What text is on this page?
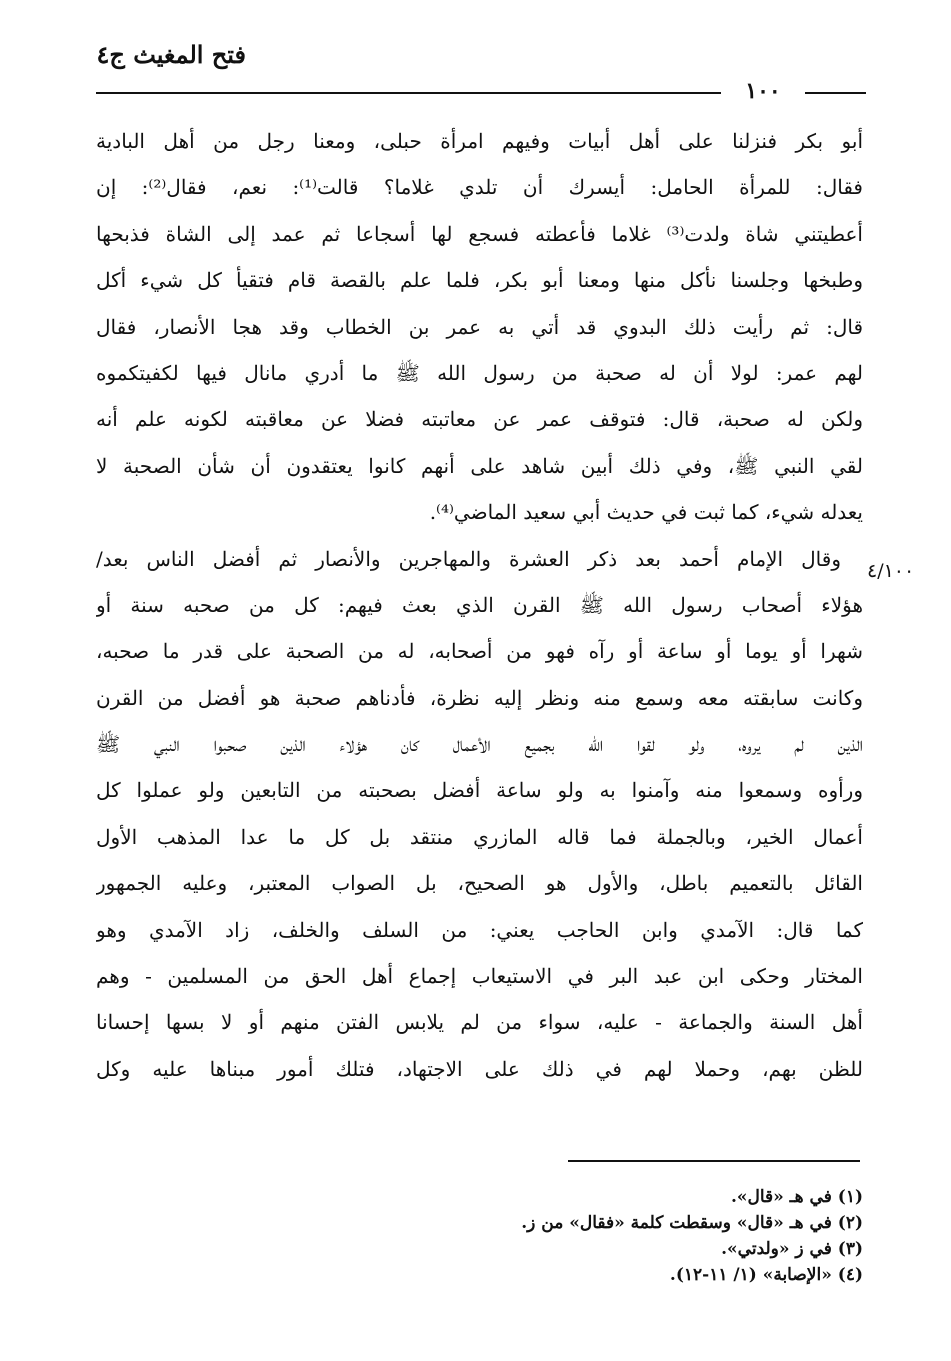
فتح المغيث ج٤
١٠٠
٤/١٠٠
أبو بكر فنزلنا على أهل أبيات وفيهم امرأة حبلى، ومعنا رجل من أهل البادية
فقال: للمرأة الحامل: أيسرك أن تلدي غلاما؟ قالت⁽¹⁾: نعم، فقال⁽²⁾: إن
أعطيتني شاة ولدت⁽³⁾ غلاما فأعطته فسجع لها أسجاعا ثم عمد إلى الشاة فذبحها
وطبخها وجلسنا نأكل منها ومعنا أبو بكر، فلما علم بالقصة قام فتقيأ كل شيء أكل
قال: ثم رأيت ذلك البدوي قد أتي به عمر بن الخطاب وقد هجا الأنصار، فقال
لهم عمر: لولا أن له صحبة من رسول الله ﷺ ما أدري مانال فيها لكفيتكموه
ولكن له صحبة، قال: فتوقف عمر عن معاتبته فضلا عن معاقبته لكونه علم أنه
لقي النبي ﷺ، وفي ذلك أبين شاهد على أنهم كانوا يعتقدون أن شأن الصحبة لا
يعدله شيء، كما ثبت في حديث أبي سعيد الماضي⁽⁴⁾.
وقال الإمام أحمد بعد ذكر العشرة والمهاجرين والأنصار ثم أفضل الناس بعد/
هؤلاء أصحاب رسول الله ﷺ القرن الذي بعث فيهم: كل من صحبه سنة أو
شهرا أو يوما أو ساعة أو رآه فهو من أصحابه، له من الصحبة على قدر ما صحبه،
وكانت سابقته معه وسمع منه ونظر إليه نظرة، فأدناهم صحبة هو أفضل من القرن
الذين لم يروه، ولو لقوا الله بجميع الأعمال كان هؤلاء الذين صحبوا النبي ﷺ
ورأوه وسمعوا منه وآمنوا به ولو ساعة أفضل بصحبته من التابعين ولو عملوا كل
أعمال الخير، وبالجملة فما قاله المازري منتقد بل كل ما عدا المذهب الأول
القائل بالتعميم باطل، والأول هو الصحيح، بل الصواب المعتبر، وعليه الجمهور
كما قال: الآمدي وابن الحاجب يعني: من السلف والخلف، زاد الآمدي وهو
المختار وحكى ابن عبد البر في الاستيعاب إجماع أهل الحق من المسلمين - وهم
أهل السنة والجماعة - عليه، سواء من لم يلابس الفتن منهم أو لا بسها إحسانا
للظن بهم، وحملا لهم في ذلك على الاجتهاد، فتلك أمور مبناها عليه وكل
(١) في هـ «قال».
(٢) في هـ «قال» وسقطت كلمة «فقال» من ز.
(٣) في ز «ولدتي».
(٤) «الإصابة» (١/ ١١-١٢).
